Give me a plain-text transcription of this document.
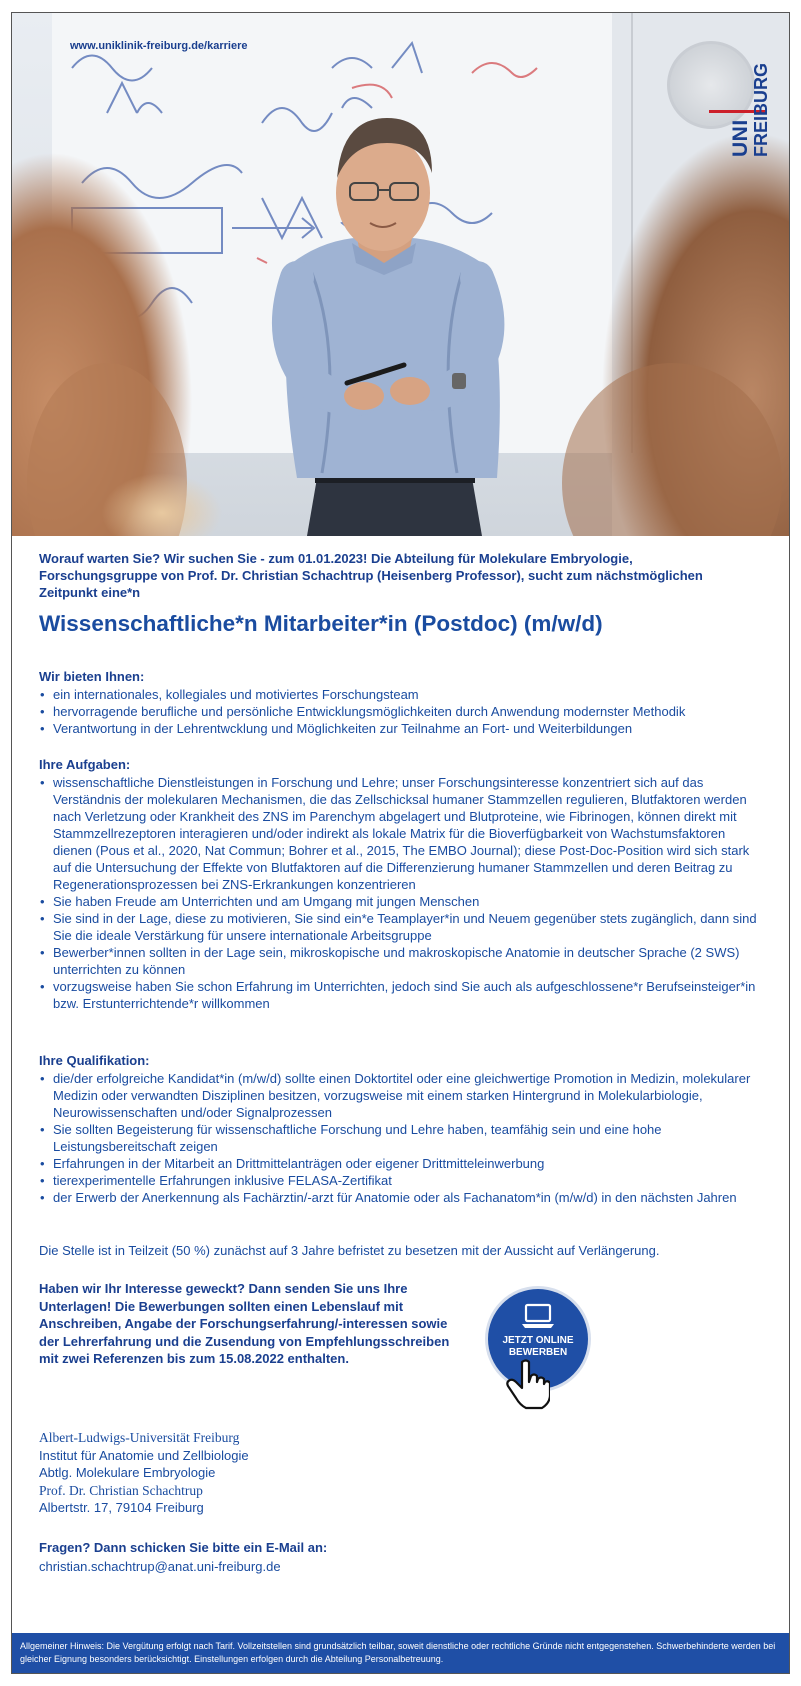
www.uniklinik-freiburg.de/karriere
UNI FREIBURG
Worauf warten Sie? Wir suchen Sie - zum 01.01.2023! Die Abteilung für Molekulare Embryologie, Forschungsgruppe von Prof. Dr. Christian Schachtrup (Heisenberg Professor), sucht zum nächstmöglichen Zeitpunkt eine*n
Wissenschaftliche*n Mitarbeiter*in (Postdoc) (m/w/d)
Wir bieten Ihnen:
• ein internationales, kollegiales und motiviertes Forschungsteam
• hervorragende berufliche und persönliche Entwicklungsmöglichkeiten durch Anwendung modernster Methodik
• Verantwortung in der Lehrentwcklung und Möglichkeiten zur Teilnahme an Fort- und Weiterbildungen
Ihre Aufgaben:
• wissenschaftliche Dienstleistungen in Forschung und Lehre; unser Forschungsinteresse konzentriert sich auf das Verständnis der molekularen Mechanismen, die das Zellschicksal humaner Stammzellen regulieren, Blutfaktoren werden nach Verletzung oder Krankheit des ZNS im Parenchym abgelagert und Blutproteine, wie Fibrinogen, können direkt mit Stammzellrezeptoren interagieren und/oder indirekt als lokale Matrix für die Bioverfügbarkeit von Wachstumsfaktoren dienen (Pous et al., 2020, Nat Commun; Bohrer et al., 2015, The EMBO Journal); diese Post-Doc-Position wird sich stark auf die Untersuchung der Effekte von Blutfaktoren auf die Differenzierung humaner Stammzellen und deren Beitrag zu Regenerationsprozessen bei ZNS-Erkrankungen konzentrieren
• Sie haben Freude am Unterrichten und am Umgang mit jungen Menschen
• Sie sind in der Lage, diese zu motivieren, Sie sind ein*e Teamplayer*in und Neuem gegenüber stets zugänglich, dann sind Sie die ideale Verstärkung für unsere internationale Arbeitsgruppe
• Bewerber*innen sollten in der Lage sein, mikroskopische und makroskopische Anatomie in deutscher Sprache (2 SWS) unterrichten zu können
• vorzugsweise haben Sie schon Erfahrung im Unterrichten, jedoch sind Sie auch als aufgeschlossene*r Berufseinsteiger*in bzw. Erstunterrichtende*r willkommen
Ihre Qualifikation:
• die/der erfolgreiche Kandidat*in (m/w/d) sollte einen Doktortitel oder eine gleichwertige Promotion in Medizin, molekularer Medizin oder verwandten Disziplinen besitzen, vorzugsweise mit einem starken Hintergrund in Molekularbiologie, Neurowissenschaften und/oder Signalprozessen
• Sie sollten Begeisterung für wissenschaftliche Forschung und Lehre haben, teamfähig sein und eine hohe Leistungsbereitschaft zeigen
• Erfahrungen in der Mitarbeit an Drittmittelanträgen oder eigener Drittmitteleinwerbung
• tierexperimentelle Erfahrungen inklusive FELASA-Zertifikat
• der Erwerb der Anerkennung als Fachärztin/-arzt für Anatomie oder als Fachanatom*in (m/w/d) in den nächsten Jahren
Die Stelle ist in Teilzeit (50 %) zunächst auf 3 Jahre befristet zu besetzen mit der Aussicht auf Verlängerung.
Haben wir Ihr Interesse geweckt? Dann senden Sie uns Ihre Unterlagen! Die Bewerbungen sollten einen Lebenslauf mit Anschreiben, Angabe der Forschungserfahrung/-interessen sowie der Lehrerfahrung und die Zusendung von Empfehlungsschreiben mit zwei Referenzen bis zum 15.08.2022 enthalten.
JETZT ONLINE
BEWERBEN
Albert-Ludwigs-Universität Freiburg
Institut für Anatomie und Zellbiologie
Abtlg. Molekulare Embryologie
Prof. Dr. Christian Schachtrup
Albertstr. 17, 79104 Freiburg
Fragen? Dann schicken Sie bitte ein E-Mail an:
christian.schachtrup@anat.uni-freiburg.de

Allgemeiner Hinweis: Die Vergütung erfolgt nach Tarif. Vollzeitstellen sind grundsätzlich teilbar, soweit dienstliche oder rechtliche Gründe nicht entgegenstehen. Schwerbehinderte werden bei gleicher Eignung besonders berücksichtigt. Einstellungen erfolgen durch die Abteilung Personalbetreuung.
